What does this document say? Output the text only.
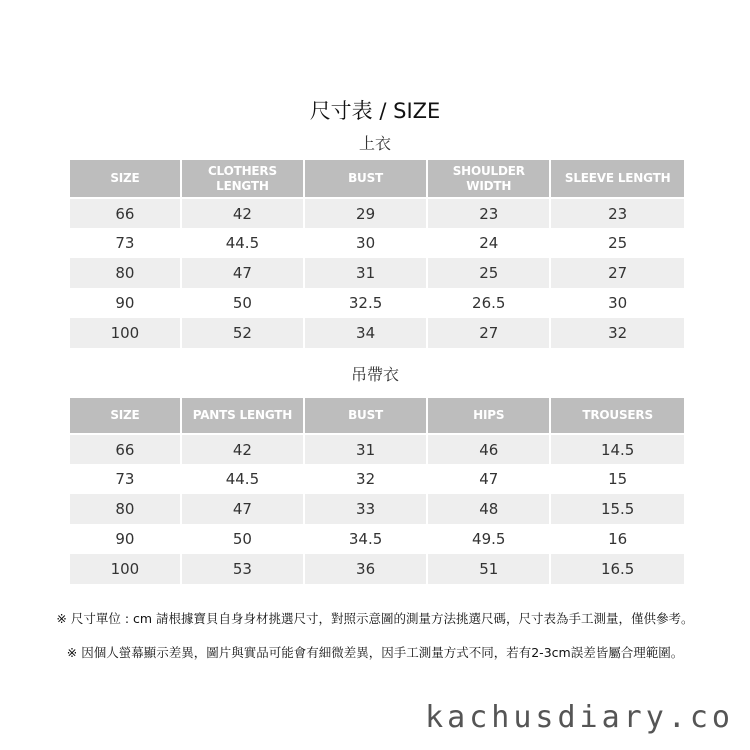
尺寸表 / SIZE
上衣
SIZE	CLOTHERS LENGTH	BUST	SHOULDER WIDTH	SLEEVE LENGTH
66	42	29	23	23
73	44.5	30	24	25
80	47	31	25	27
90	50	32.5	26.5	30
100	52	34	27	32
吊帶衣
SIZE	PANTS LENGTH	BUST	HIPS	TROUSERS
66	42	31	46	14.5
73	44.5	32	47	15
80	47	33	48	15.5
90	50	34.5	49.5	16
100	53	36	51	16.5
※ 尺寸單位 : cm 請根據寶貝自身身材挑選尺寸，對照示意圖的測量方法挑選尺碼，尺寸表為手工測量，僅供參考。
※ 因個人螢幕顯示差異，圖片與實品可能會有細微差異，因手工測量方式不同，若有2-3cm誤差皆屬合理範圍。
kachusdiary.co
